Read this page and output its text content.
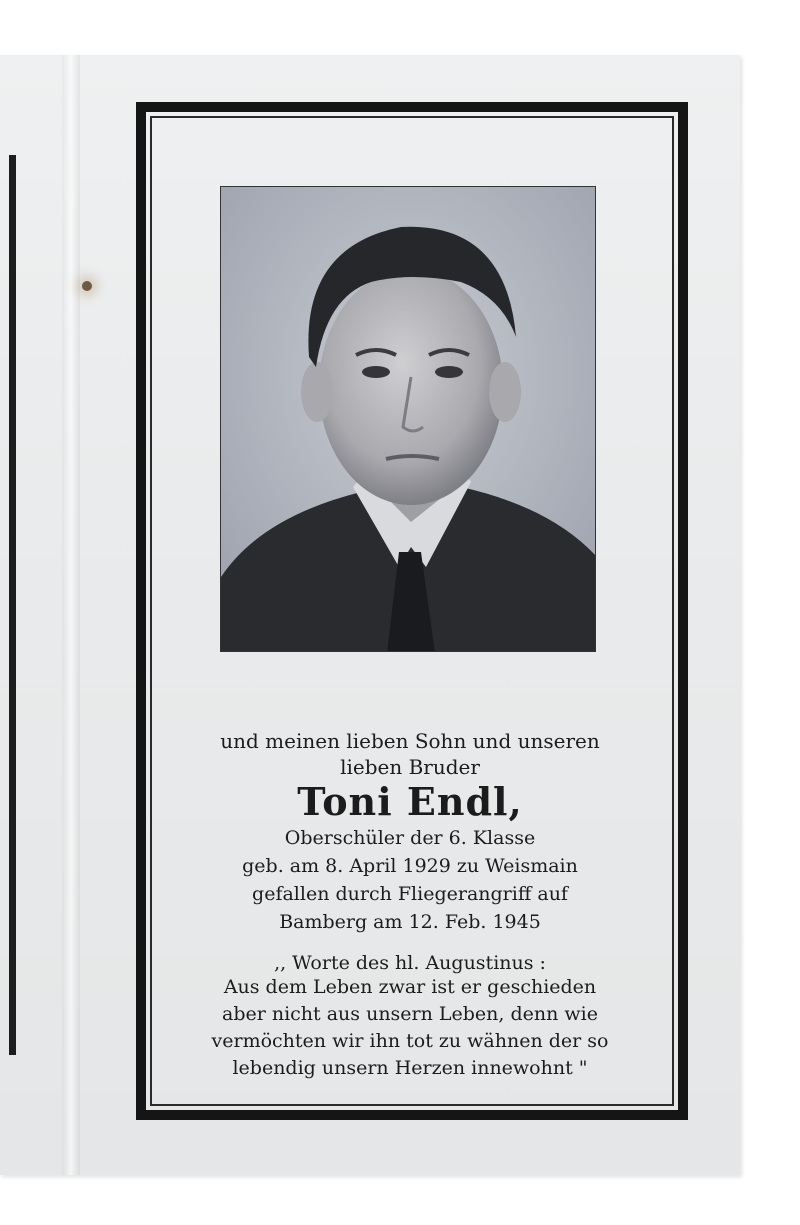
und meinen lieben Sohn und unseren
lieben Bruder
Toni Endl,
Oberschüler der 6. Klasse
geb. am 8. April 1929 zu Weismain
gefallen durch Fliegerangriff auf
Bamberg am 12. Feb. 1945
,, Worte des hl. Augustinus :
Aus dem Leben zwar ist er geschieden
aber nicht aus unsern Leben, denn wie
vermöchten wir ihn tot zu wähnen der so
lebendig unsern Herzen innewohnt "
